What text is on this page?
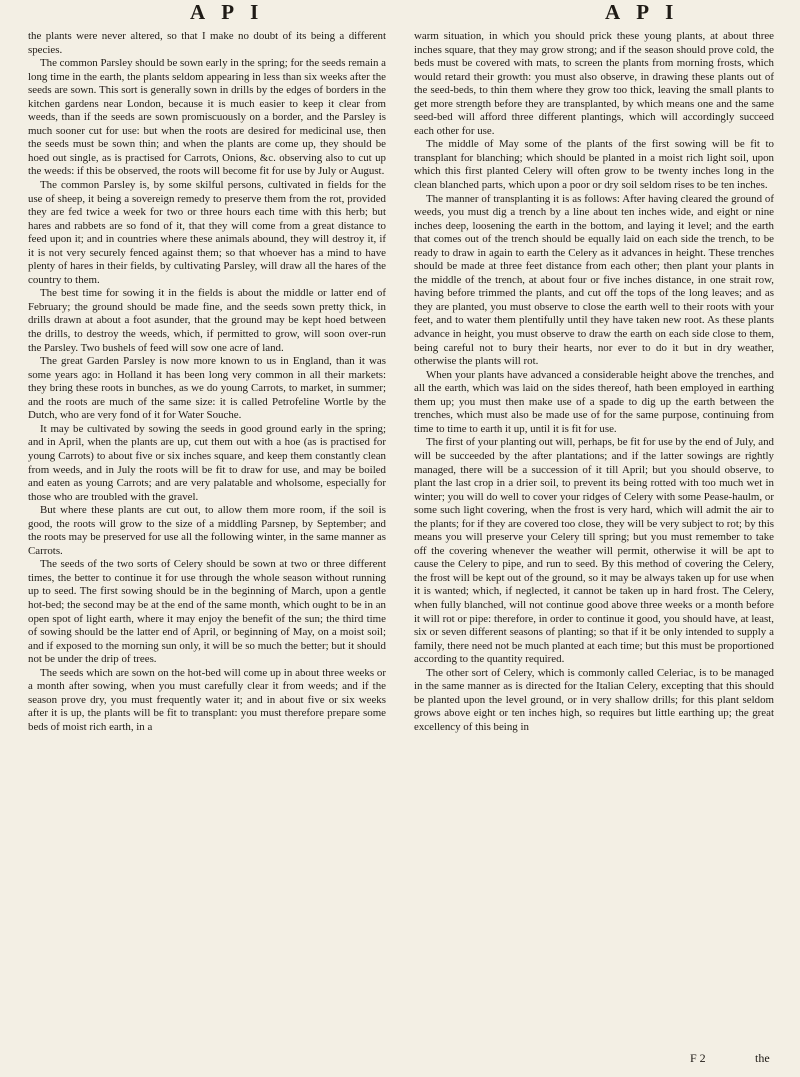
A P I	A P I

the plants were never altered, so that I make no doubt of its being a different species.

The common Parsley should be sown early in the spring; for the seeds remain a long time in the earth, the plants seldom appearing in less than six weeks after the seeds are sown. This sort is generally sown in drills by the edges of borders in the kitchen gardens near London, because it is much easier to keep it clear from weeds, than if the seeds are sown promiscuously on a border, and the Parsley is much sooner cut for use: but when the roots are desired for medicinal use, then the seeds must be sown thin; and when the plants are come up, they should be hoed out single, as is practised for Carrots, Onions, &c. observing also to cut up the weeds: if this be observed, the roots will become fit for use by July or August.

The common Parsley is, by some skilful persons, cultivated in fields for the use of sheep, it being a sovereign remedy to preserve them from the rot, provided they are fed twice a week for two or three hours each time with this herb; but hares and rabbets are so fond of it, that they will come from a great distance to feed upon it; and in countries where these animals abound, they will destroy it, if it is not very securely fenced against them; so that whoever has a mind to have plenty of hares in their fields, by cultivating Parsley, will draw all the hares of the country to them.

The best time for sowing it in the fields is about the middle or latter end of February; the ground should be made fine, and the seeds sown pretty thick, in drills drawn at about a foot asunder, that the ground may be kept hoed between the drills, to destroy the weeds, which, if permitted to grow, will soon over-run the Parsley. Two bushels of feed will sow one acre of land.

The great Garden Parsley is now more known to us in England, than it was some years ago: in Holland it has been long very common in all their markets: they bring these roots in bunches, as we do young Carrots, to market, in summer; and the roots are much of the same size: it is called Petrofeline Wortle by the Dutch, who are very fond of it for Water Souche.

It may be cultivated by sowing the seeds in good ground early in the spring; and in April, when the plants are up, cut them out with a hoe (as is practised for young Carrots) to about five or six inches square, and keep them constantly clean from weeds, and in July the roots will be fit to draw for use, and may be boiled and eaten as young Carrots; and are very palatable and wholsome, especially for those who are troubled with the gravel.

But where these plants are cut out, to allow them more room, if the soil is good, the roots will grow to the size of a middling Parsnep, by September; and the roots may be preserved for use all the following winter, in the same manner as Carrots.

The seeds of the two sorts of Celery should be sown at two or three different times, the better to continue it for use through the whole season without running up to seed. The first sowing should be in the beginning of March, upon a gentle hot-bed; the second may be at the end of the same month, which ought to be in an open spot of light earth, where it may enjoy the benefit of the sun; the third time of sowing should be the latter end of April, or beginning of May, on a moist soil; and if exposed to the morning sun only, it will be so much the better; but it should not be under the drip of trees.

The seeds which are sown on the hot-bed will come up in about three weeks or a month after sowing, when you must carefully clear it from weeds; and if the season prove dry, you must frequently water it; and in about five or six weeks after it is up, the plants will be fit to transplant: you must therefore prepare some beds of moist rich earth, in a

warm situation, in which you should prick these young plants, at about three inches square, that they may grow strong; and if the season should prove cold, the beds must be covered with mats, to screen the plants from morning frosts, which would retard their growth: you must also observe, in drawing these plants out of the seed-beds, to thin them where they grow too thick, leaving the small plants to get more strength before they are transplanted, by which means one and the same seed-bed will afford three different plantings, which will accordingly succeed each other for use.

The middle of May some of the plants of the first sowing will be fit to transplant for blanching; which should be planted in a moist rich light soil, upon which this first planted Celery will often grow to be twenty inches long in the clean blanched parts, which upon a poor or dry soil seldom rises to be ten inches.

The manner of transplanting it is as follows: After having cleared the ground of weeds, you must dig a trench by a line about ten inches wide, and eight or nine inches deep, loosening the earth in the bottom, and laying it level; and the earth that comes out of the trench should be equally laid on each side the trench, to be ready to draw in again to earth the Celery as it advances in height. These trenches should be made at three feet distance from each other; then plant your plants in the middle of the trench, at about four or five inches distance, in one strait row, having before trimmed the plants, and cut off the tops of the long leaves; and as they are planted, you must observe to close the earth well to their roots with your feet, and to water them plentifully until they have taken new root. As these plants advance in height, you must observe to draw the earth on each side close to them, being careful not to bury their hearts, nor ever to do it but in dry weather, otherwise the plants will rot.

When your plants have advanced a considerable height above the trenches, and all the earth, which was laid on the sides thereof, hath been employed in earthing them up; you must then make use of a spade to dig up the earth between the trenches, which must also be made use of for the same purpose, continuing from time to time to earth it up, until it is fit for use.

The first of your planting out will, perhaps, be fit for use by the end of July, and will be succeeded by the after plantations; and if the latter sowings are rightly managed, there will be a succession of it till April; but you should observe, to plant the last crop in a drier soil, to prevent its being rotted with too much wet in winter; you will do well to cover your ridges of Celery with some Pease-haulm, or some such light covering, when the frost is very hard, which will admit the air to the plants; for if they are covered too close, they will be very subject to rot; by this means you will preserve your Celery till spring; but you must remember to take off the covering whenever the weather will permit, otherwise it will be apt to cause the Celery to pipe, and run to seed. By this method of covering the Celery, the frost will be kept out of the ground, so it may be always taken up for use when it is wanted; which, if neglected, it cannot be taken up in hard frost. The Celery, when fully blanched, will not continue good above three weeks or a month before it will rot or pipe: therefore, in order to continue it good, you should have, at least, six or seven different seasons of planting; so that if it be only intended to supply a family, there need not be much planted at each time; but this must be proportioned according to the quantity required.

The other sort of Celery, which is commonly called Celeriac, is to be managed in the same manner as is directed for the Italian Celery, excepting that this should be planted upon the level ground, or in very shallow drills; for this plant seldom grows above eight or ten inches high, so requires but little earthing up; the great excellency of this being in

F 2	the
